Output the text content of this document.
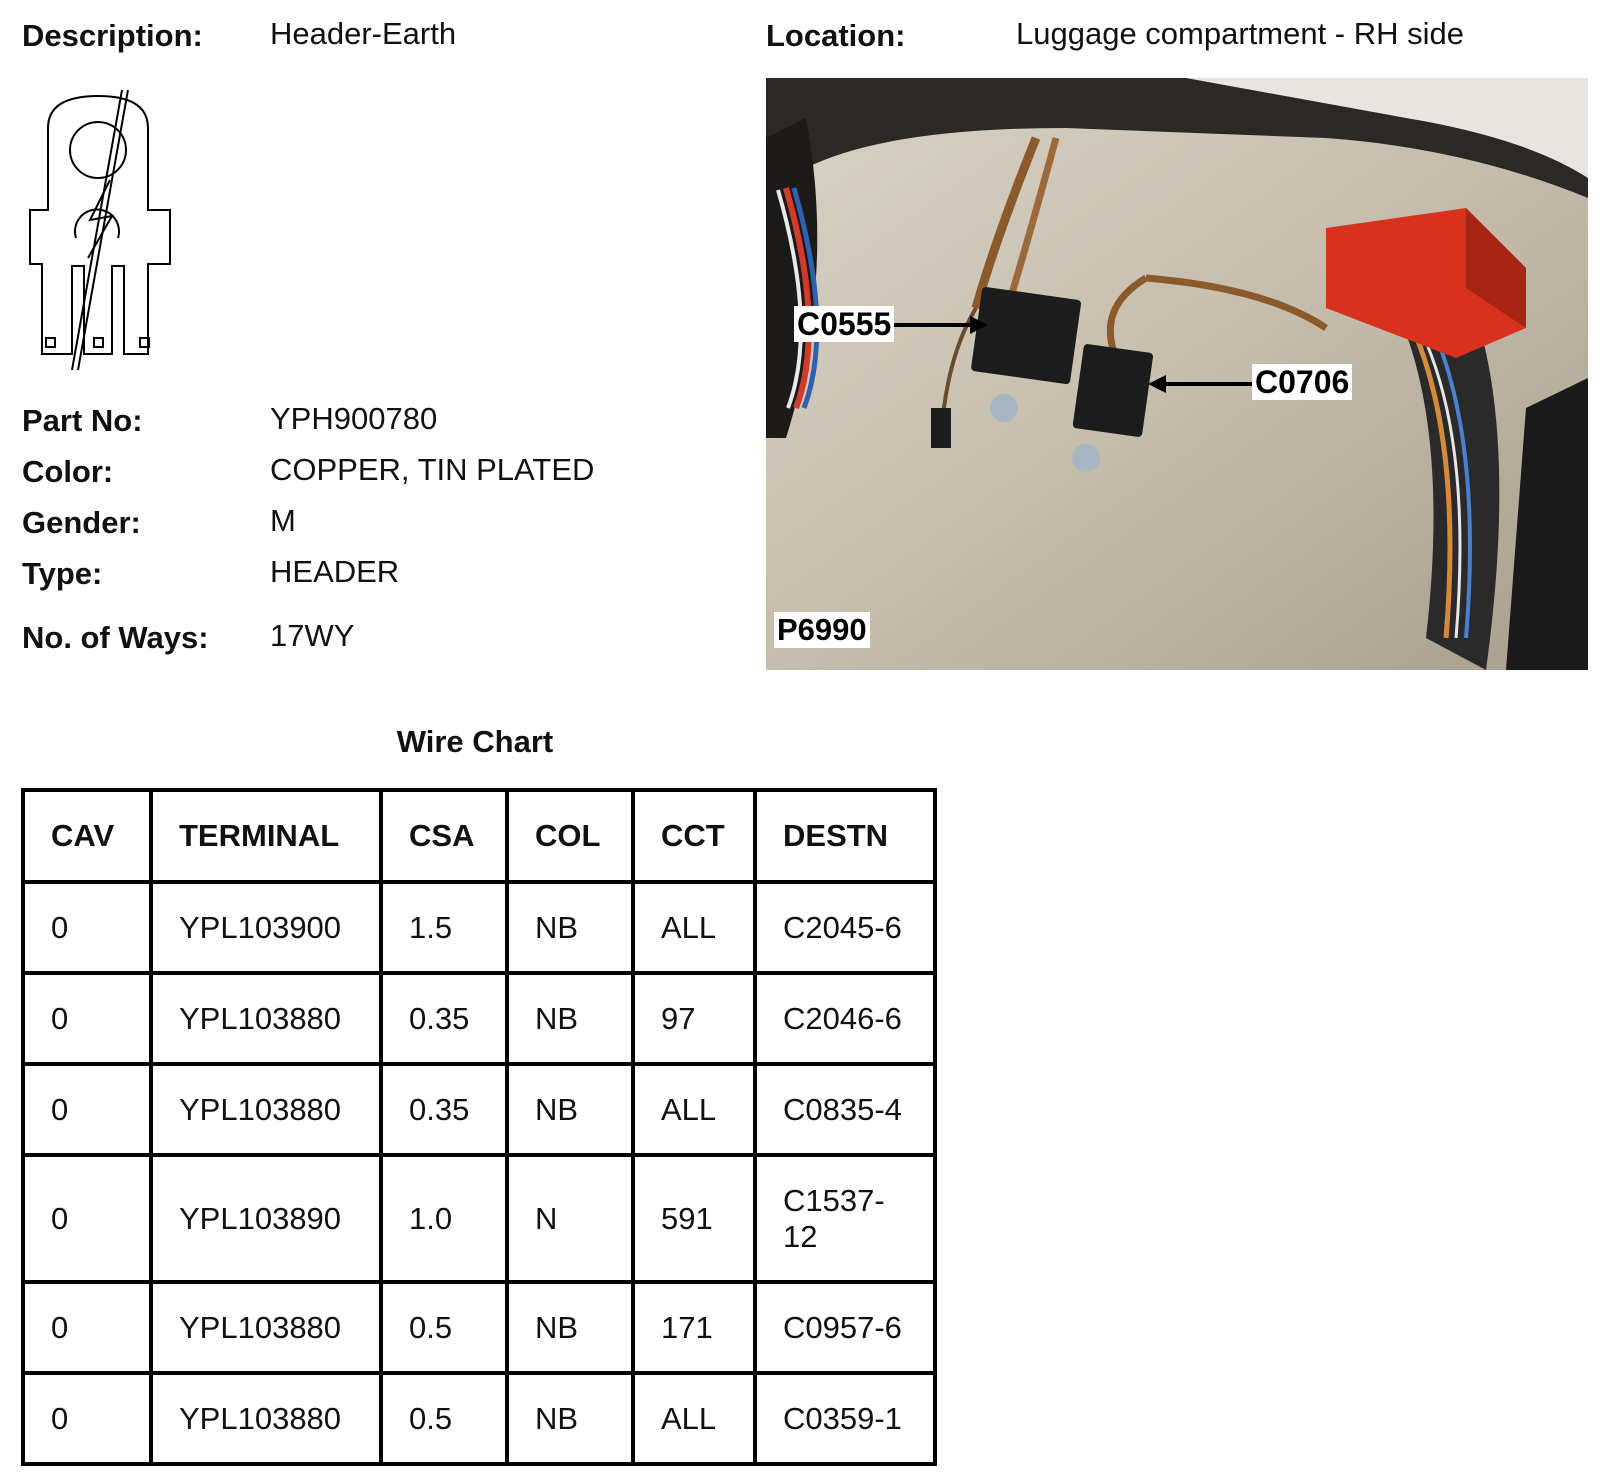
Description: Header-Earth	Location:	Luggage compartment - RH side
Part No:	YPH900780
Color:	COPPER, TIN PLATED
Gender:	M
Type:	HEADER
No. of Ways: 17WY
C0555
C0706
P6990
Wire Chart
CAV	TERMINAL	CSA	COL	CCT	DESTN
0	YPL103900	1.5	NB	ALL	C2045-6
0	YPL103880	0.35	NB	97	C2046-6
0	YPL103880	0.35	NB	ALL	C0835-4
0	YPL103890	1.0	N	591	C1537-
12
0	YPL103880	0.5	NB	171	C0957-6
0	YPL103880	0.5	NB	ALL	C0359-1
